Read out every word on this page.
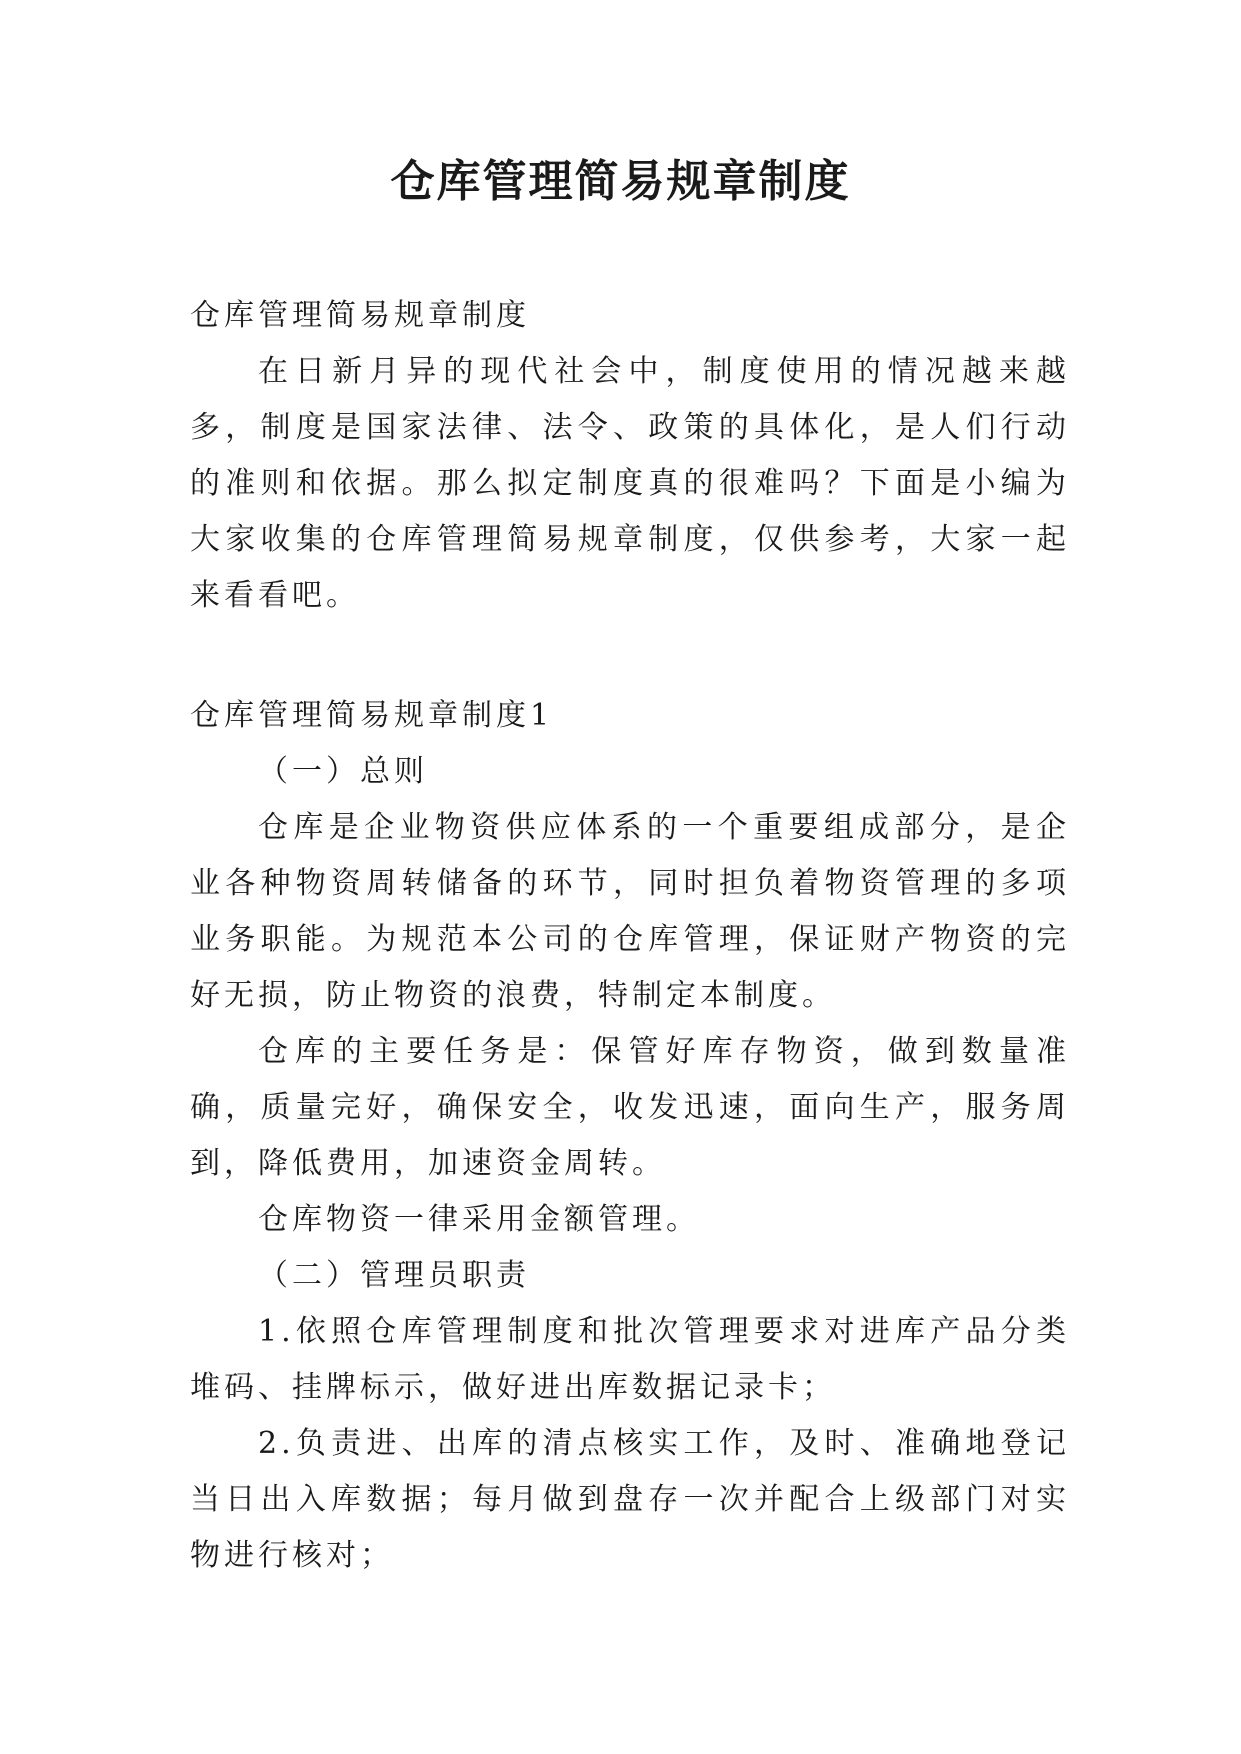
仓库管理简易规章制度

仓库管理简易规章制度

在日新月异的现代社会中，制度使用的情况越来越多，制度是国家法律、法令、政策的具体化，是人们行动的准则和依据。那么拟定制度真的很难吗？下面是小编为大家收集的仓库管理简易规章制度，仅供参考，大家一起来看看吧。

仓库管理简易规章制度1

（一）总则

仓库是企业物资供应体系的一个重要组成部分，是企业各种物资周转储备的环节，同时担负着物资管理的多项业务职能。为规范本公司的仓库管理，保证财产物资的完好无损，防止物资的浪费，特制定本制度。

仓库的主要任务是：保管好库存物资，做到数量准确，质量完好，确保安全，收发迅速，面向生产，服务周到，降低费用，加速资金周转。

仓库物资一律采用金额管理。

（二）管理员职责

1.依照仓库管理制度和批次管理要求对进库产品分类堆码、挂牌标示，做好进出库数据记录卡；

2.负责进、出库的清点核实工作，及时、准确地登记当日出入库数据；每月做到盘存一次并配合上级部门对实物进行核对；
